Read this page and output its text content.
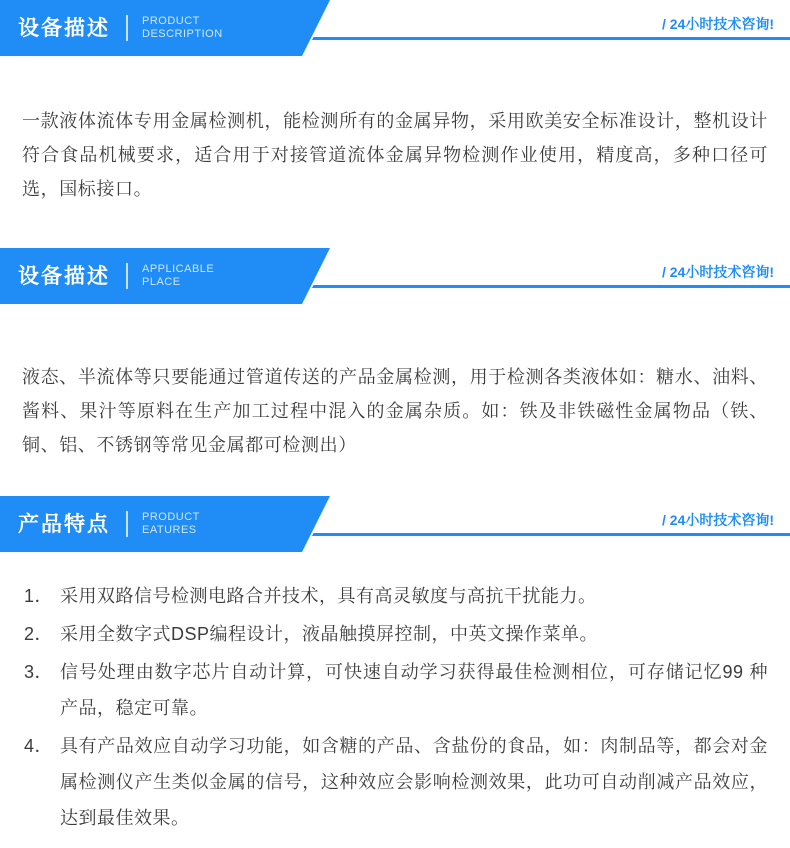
设备描述	PRODUCT
DESCRIPTION
/ 24小时技术咨询!

一款液体流体专用金属检测机，能检测所有的金属异物，采用欧美安全标准设计，整机设计符合食品机械要求，适合用于对接管道流体金属异物检测作业使用，精度高，多种口径可选，国标接口。

设备描述	APPLICABLE
PLACE
/ 24小时技术咨询!

液态、半流体等只要能通过管道传送的产品金属检测，用于检测各类液体如：糖水、油料、酱料、果汁等原料在生产加工过程中混入的金属杂质。如：铁及非铁磁性金属物品（铁、铜、铝、不锈钢等常见金属都可检测出）

产品特点	PRODUCT
EATURES
/ 24小时技术咨询!
1． 采用双路信号检测电路合并技术，具有高灵敏度与高抗干扰能力。
2． 采用全数字式DSP编程设计，液晶触摸屏控制，中英文操作菜单。
3． 信号处理由数字芯片自动计算，可快速自动学习获得最佳检测相位，可存储记忆99 种产品，稳定可靠。
4． 具有产品效应自动学习功能，如含糖的产品、含盐份的食品，如：肉制品等，都会对金属检测仪产生类似金属的信号，这种效应会影响检测效果，此功可自动削减产品效应，达到最佳效果。
